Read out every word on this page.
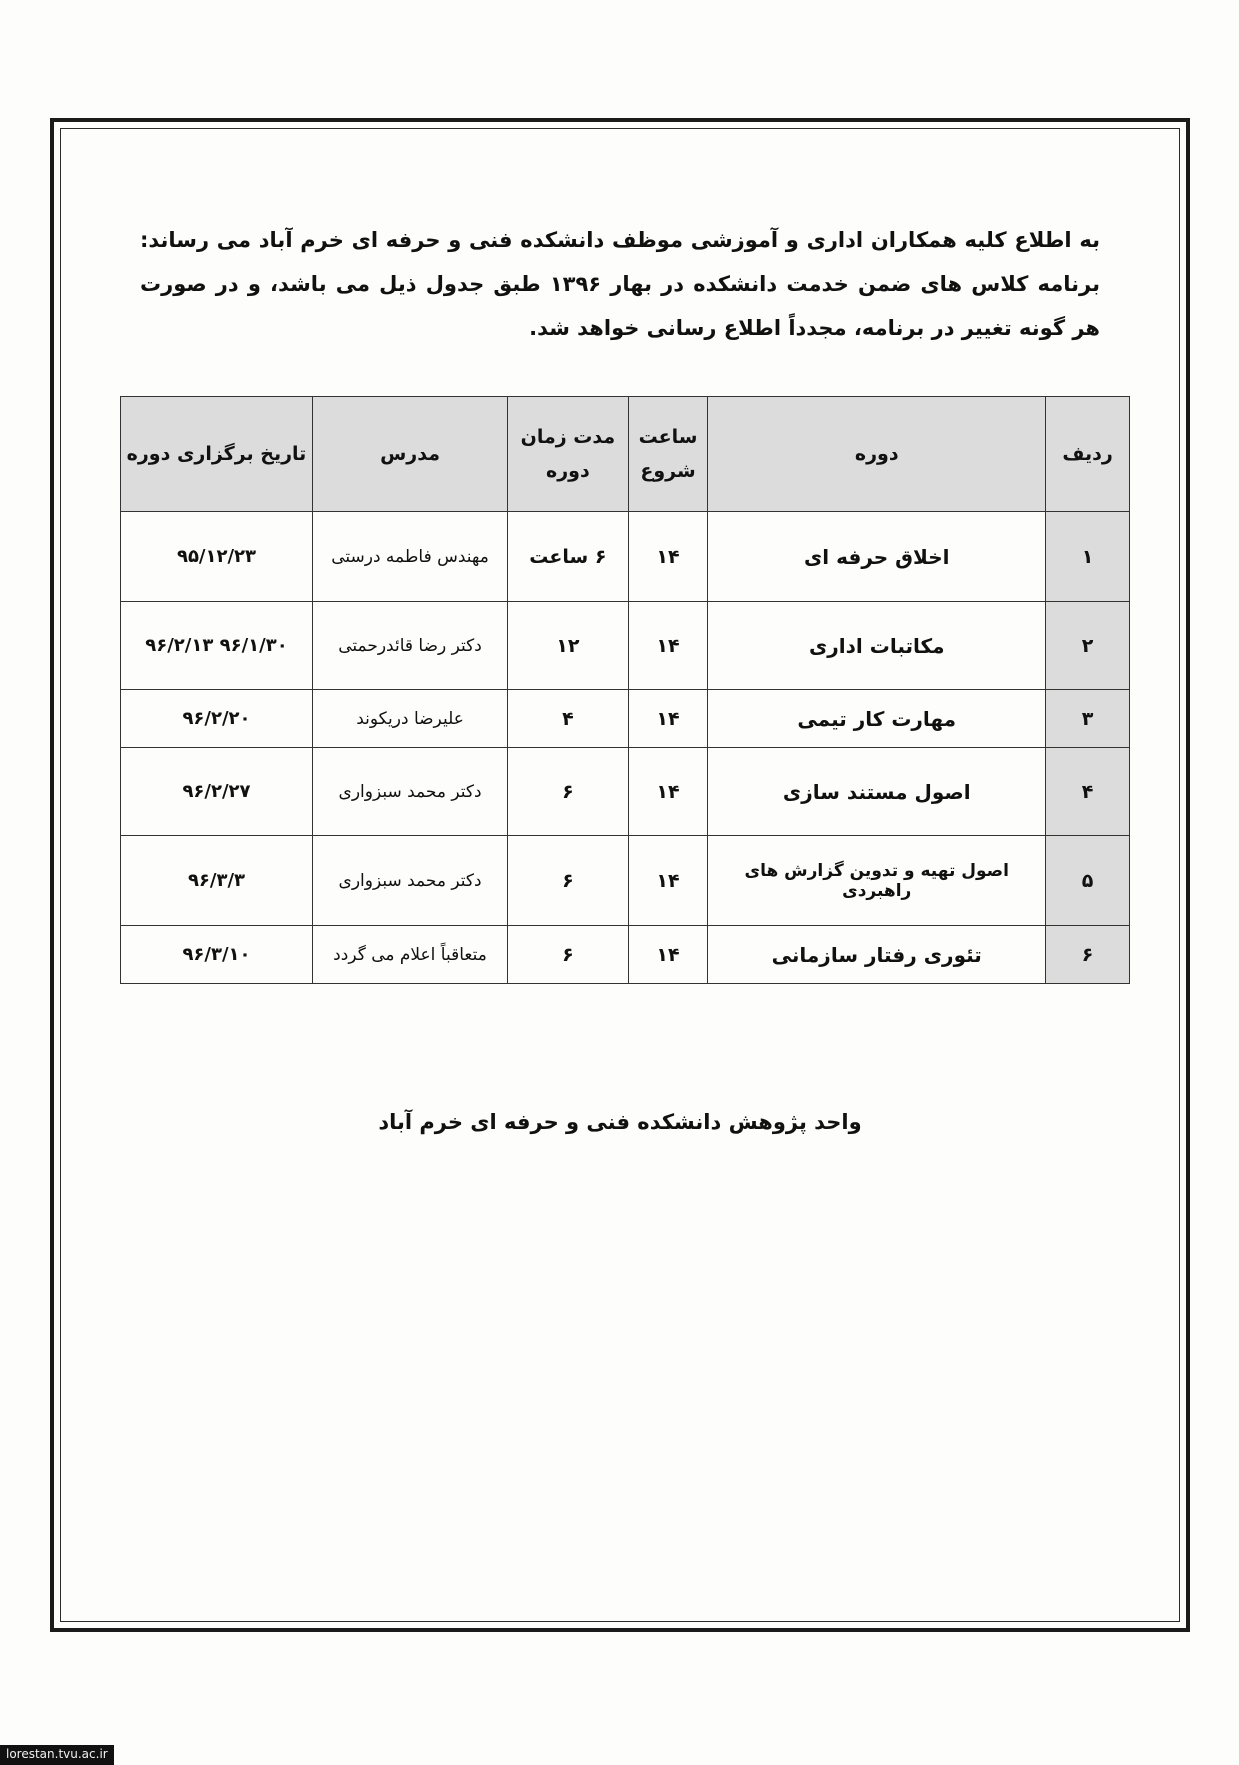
به اطلاع کلیه همکاران اداری و آموزشی موظف دانشکده فنی و حرفه ای خرم آباد می رساند: برنامه کلاس های ضمن خدمت دانشکده در بهار ۱۳۹۶ طبق جدول ذیل می باشد، و در صورت هر گونه تغییر در برنامه، مجدداً اطلاع رسانی خواهد شد.

ردیف	دوره	ساعت شروع	مدت زمان دوره	مدرس	تاریخ برگزاری دوره
۱	اخلاق حرفه ای	۱۴	۶ ساعت	مهندس فاطمه درستی	۹۵/۱۲/۲۳
۲	مکاتبات اداری	۱۴	۱۲	دکتر رضا قائدرحمتی	۹۶/۱/۳۰ ۹۶/۲/۱۳
۳	مهارت کار تیمی	۱۴	۴	علیرضا دریکوند	۹۶/۲/۲۰
۴	اصول مستند سازی	۱۴	۶	دکتر محمد سبزواری	۹۶/۲/۲۷
۵	اصول تهیه و تدوین گزارش های راهبردی	۱۴	۶	دکتر محمد سبزواری	۹۶/۳/۳
۶	تئوری رفتار سازمانی	۱۴	۶	متعاقباً اعلام می گردد	۹۶/۳/۱۰

واحد پژوهش دانشکده فنی و حرفه ای خرم آباد

lorestan.tvu.ac.ir
